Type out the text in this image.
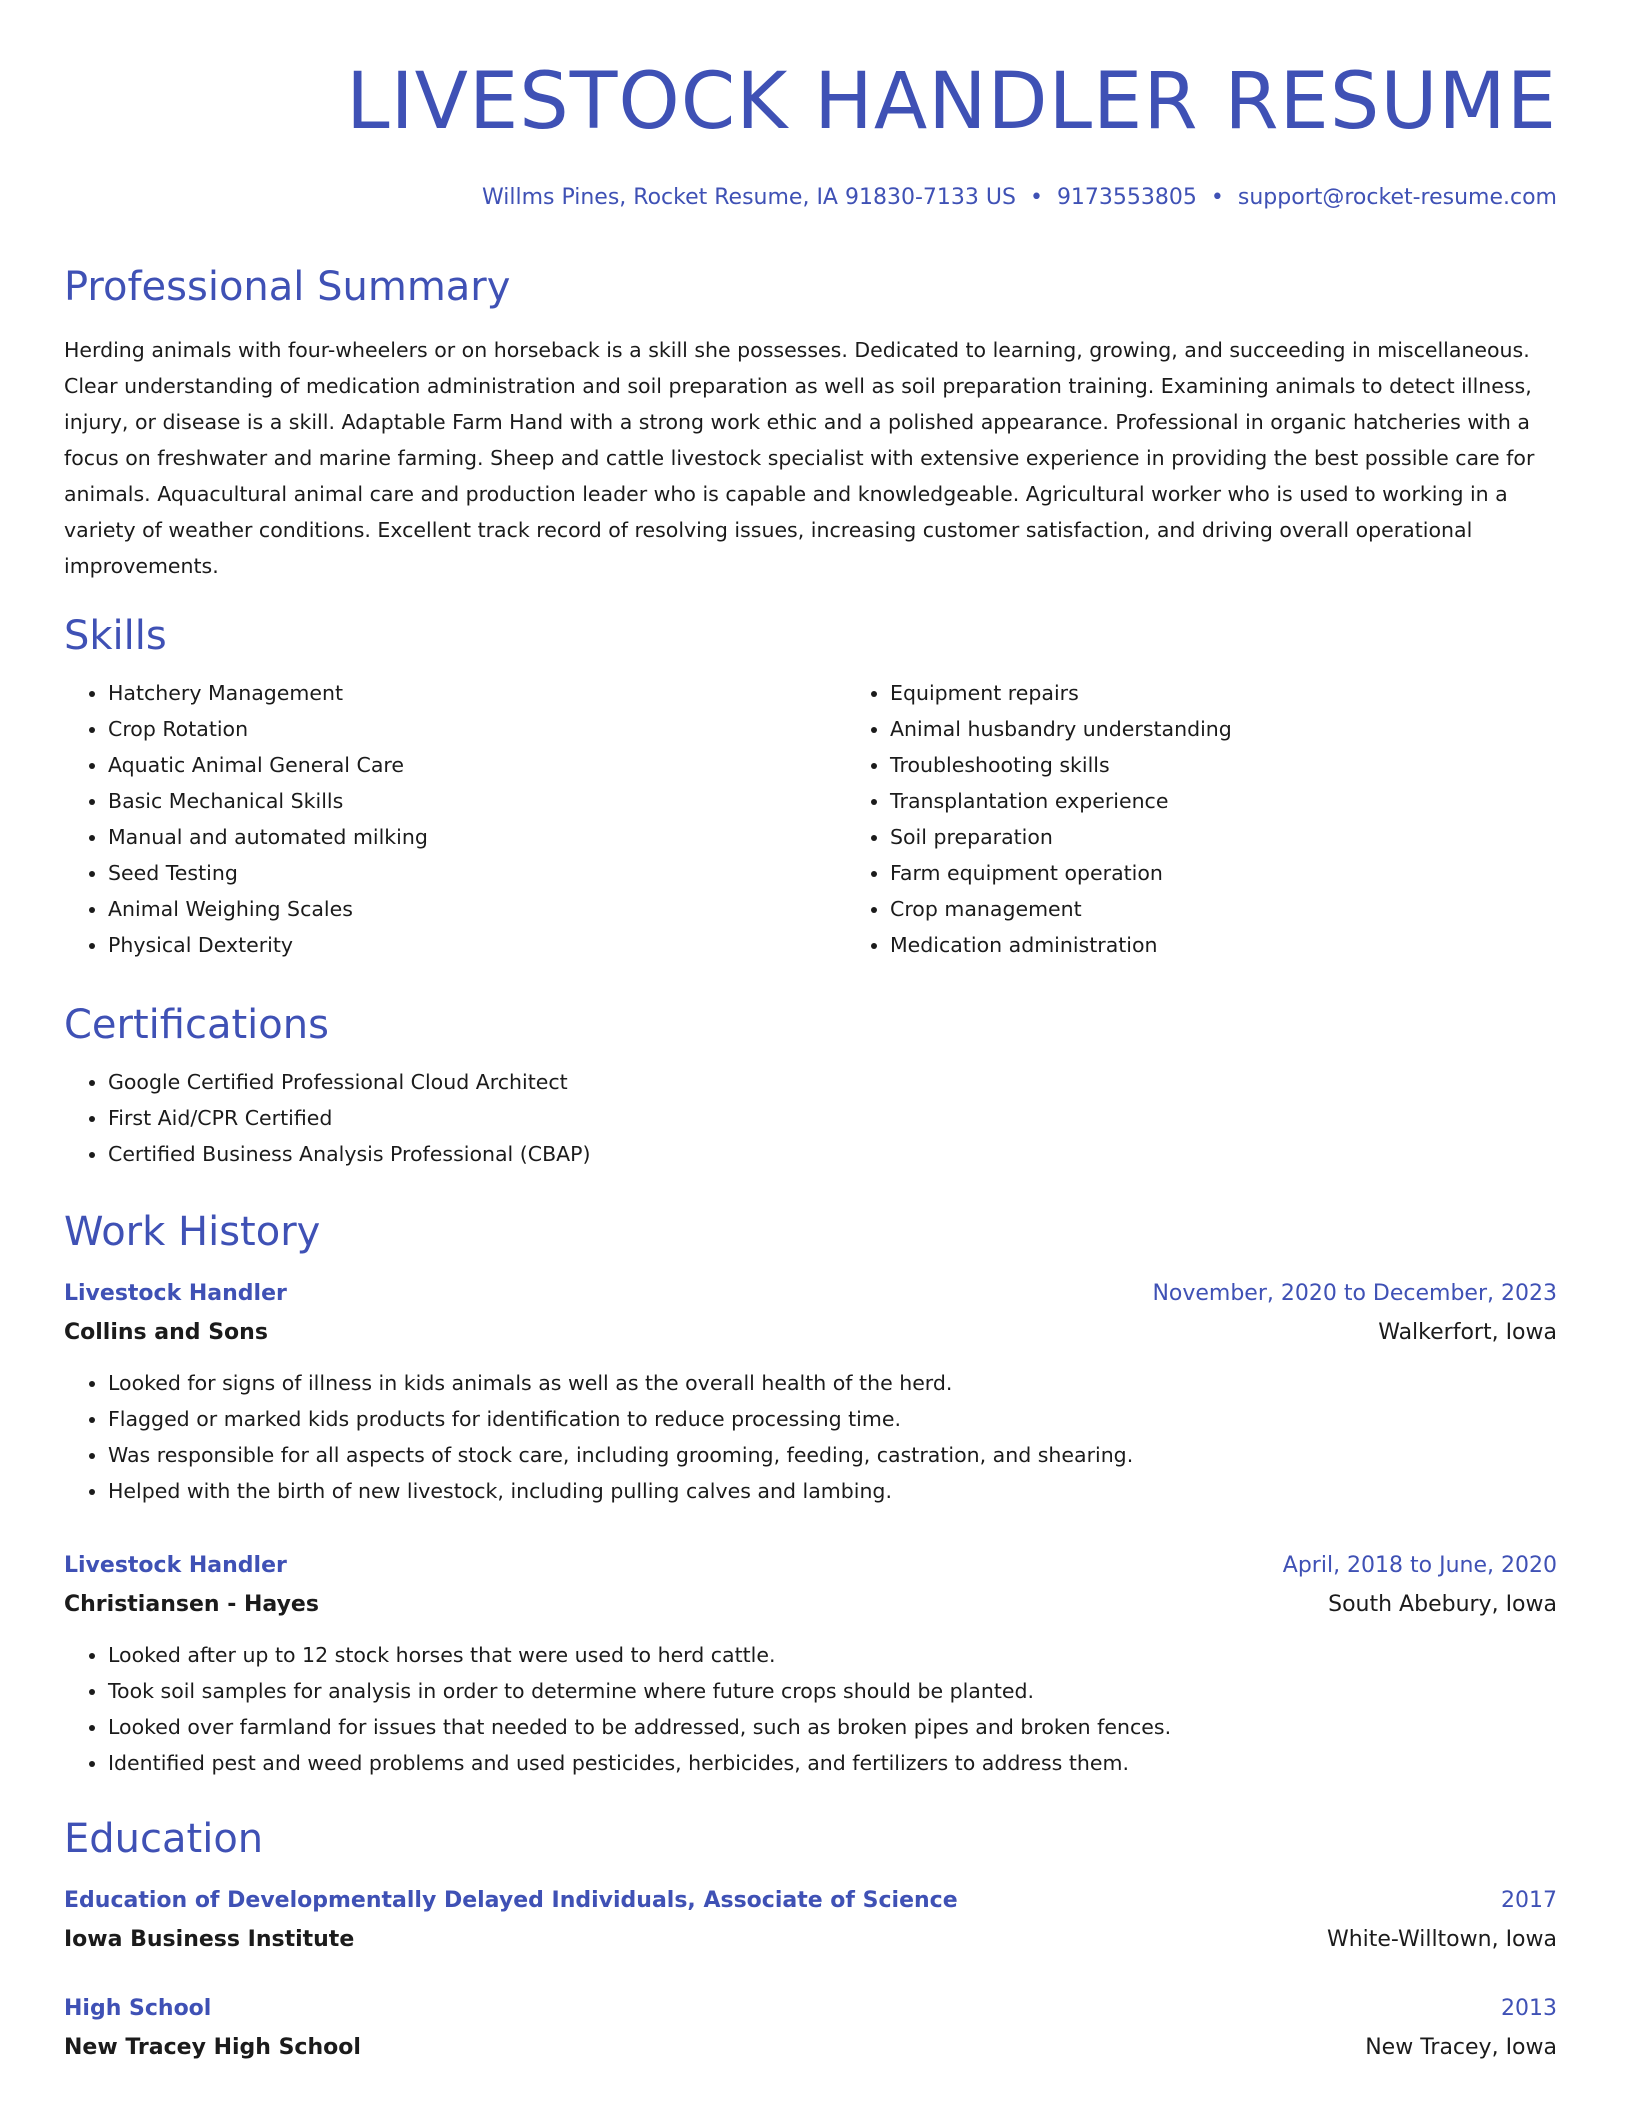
LIVESTOCK HANDLER RESUME
Willms Pines, Rocket Resume, IA 91830-7133 US • 9173553805 • support@rocket-resume.com
Professional Summary
Herding animals with four-wheelers or on horseback is a skill she possesses. Dedicated to learning, growing, and succeeding in miscellaneous. Clear understanding of medication administration and soil preparation as well as soil preparation training. Examining animals to detect illness, injury, or disease is a skill. Adaptable Farm Hand with a strong work ethic and a polished appearance. Professional in organic hatcheries with a focus on freshwater and marine farming. Sheep and cattle livestock specialist with extensive experience in providing the best possible care for animals. Aquacultural animal care and production leader who is capable and knowledgeable. Agricultural worker who is used to working in a variety of weather conditions. Excellent track record of resolving issues, increasing customer satisfaction, and driving overall operational improvements.
Skills
• Hatchery Management
• Crop Rotation
• Aquatic Animal General Care
• Basic Mechanical Skills
• Manual and automated milking
• Seed Testing
• Animal Weighing Scales
• Physical Dexterity
• Equipment repairs
• Animal husbandry understanding
• Troubleshooting skills
• Transplantation experience
• Soil preparation
• Farm equipment operation
• Crop management
• Medication administration
Certifications
• Google Certified Professional Cloud Architect
• First Aid/CPR Certified
• Certified Business Analysis Professional (CBAP)
Work History
Livestock Handler	November, 2020 to December, 2023
Collins and Sons	Walkerfort, Iowa
• Looked for signs of illness in kids animals as well as the overall health of the herd.
• Flagged or marked kids products for identification to reduce processing time.
• Was responsible for all aspects of stock care, including grooming, feeding, castration, and shearing.
• Helped with the birth of new livestock, including pulling calves and lambing.
Livestock Handler	April, 2018 to June, 2020
Christiansen - Hayes	South Abebury, Iowa
• Looked after up to 12 stock horses that were used to herd cattle.
• Took soil samples for analysis in order to determine where future crops should be planted.
• Looked over farmland for issues that needed to be addressed, such as broken pipes and broken fences.
• Identified pest and weed problems and used pesticides, herbicides, and fertilizers to address them.
Education
Education of Developmentally Delayed Individuals, Associate of Science	2017
Iowa Business Institute	White-Willtown, Iowa
High School	2013
New Tracey High School	New Tracey, Iowa
